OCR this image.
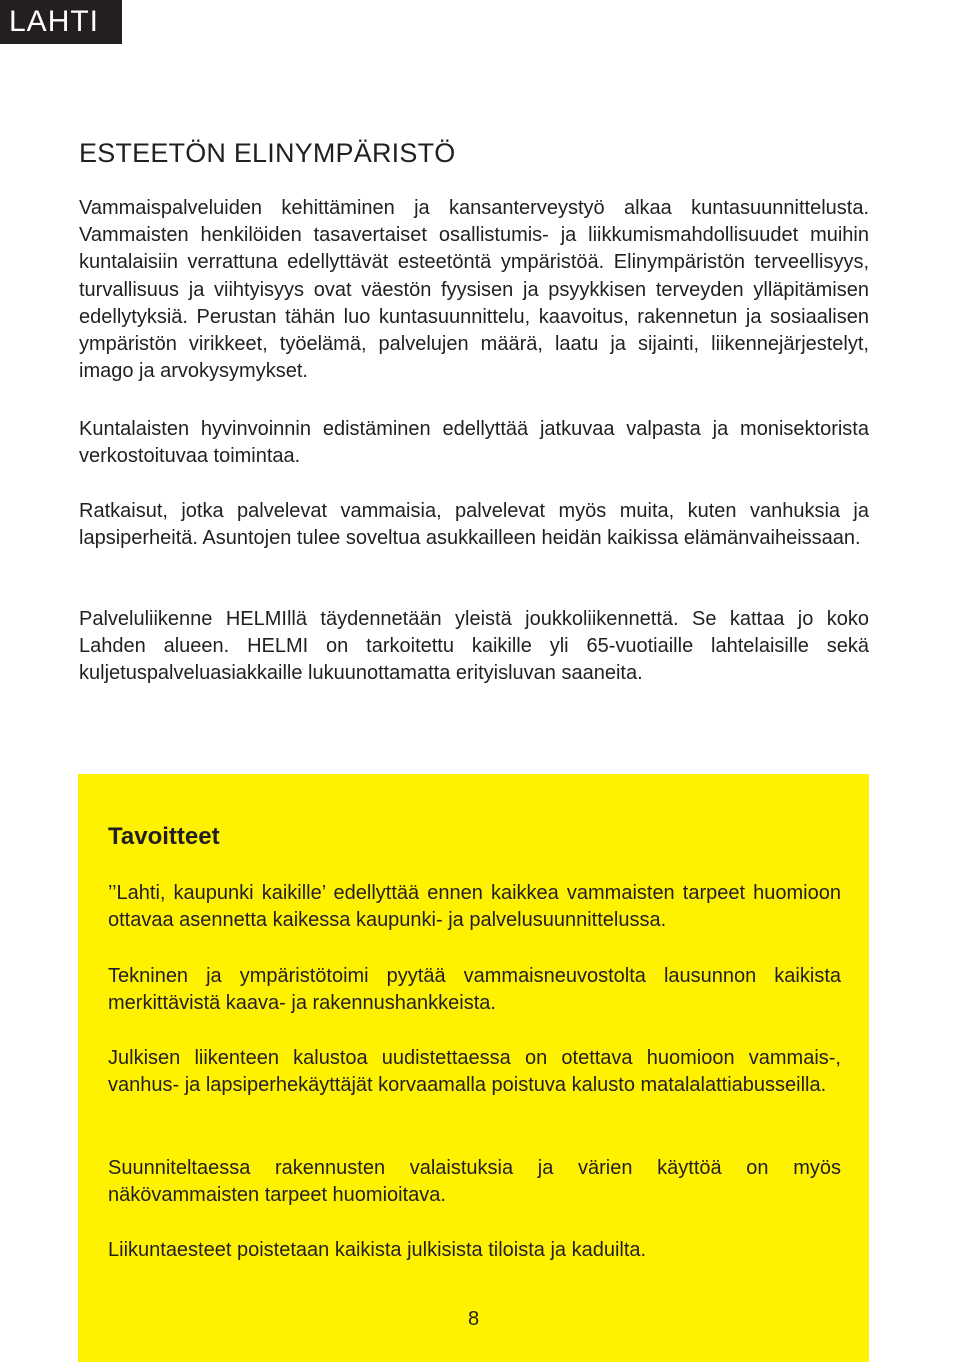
LAHTI
ESTEETÖN ELINYMPÄRISTÖ

Vammaispalveluiden kehittäminen ja kansanterveystyö alkaa kuntasuunnittelusta. Vammaisten henkilöiden tasavertaiset osallistumis- ja liikkumismahdollisuudet muihin kuntalaisiin verrattuna edellyttävät esteetöntä ympäristöä. Elinympäristön terveellisyys, turvallisuus ja viihtyisyys ovat väestön fyysisen ja psyykkisen terveyden ylläpitämisen edellytyksiä. Perustan tähän luo kuntasuunnittelu, kaavoitus, rakennetun ja sosiaalisen ympäristön virikkeet, työelämä, palvelujen määrä, laatu ja sijainti, liikennejärjestelyt, imago ja arvokysymykset.

Kuntalaisten hyvinvoinnin edistäminen edellyttää jatkuvaa valpasta ja monisektorista verkostoituvaa toimintaa.

Ratkaisut, jotka palvelevat vammaisia, palvelevat myös muita, kuten vanhuksia ja lapsiperheitä. Asuntojen tulee soveltua asukkailleen heidän kaikissa elämänvaiheissaan.

Palveluliikenne HELMIllä täydennetään yleistä joukkoliikennettä. Se kattaa jo koko Lahden alueen. HELMI on tarkoitettu kaikille yli 65-vuotiaille lahtelaisille sekä kuljetuspalveluasiakkaille lukuunottamatta erityisluvan saaneita.

Tavoitteet

’’Lahti, kaupunki kaikille’ edellyttää ennen kaikkea vammaisten tarpeet huomioon ottavaa asennetta kaikessa kaupunki- ja palvelusuunnittelussa.

Tekninen ja ympäristötoimi pyytää vammaisneuvostolta lausunnon kaikista merkittävistä kaava- ja rakennushankkeista.

Julkisen liikenteen kalustoa uudistettaessa on otettava huomioon vammais-, vanhus- ja lapsiperhekäyttäjät korvaamalla poistuva kalusto matalalattiabusseilla.

Suunniteltaessa rakennusten valaistuksia ja värien käyttöä on myös näkövammaisten tarpeet huomioitava.

Liikuntaesteet poistetaan kaikista julkisista tiloista ja kaduilta.

8
